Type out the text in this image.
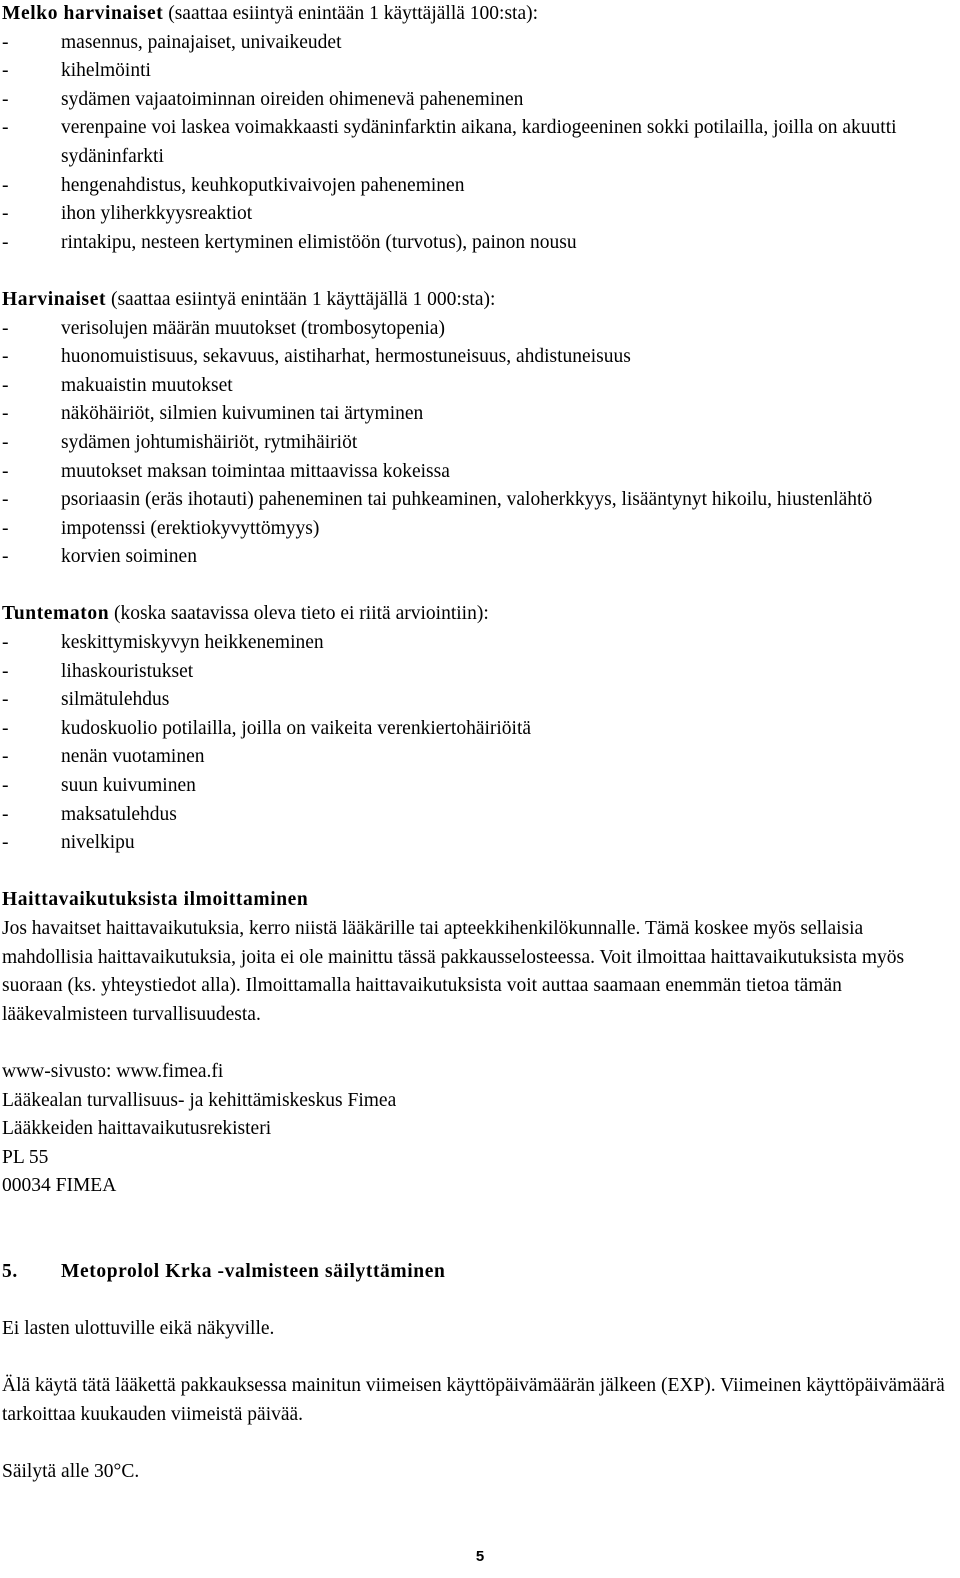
Melko harvinaiset (saattaa esiintyä enintään 1 käyttäjällä 100:sta):
-	masennus, painajaiset, univaikeudet
-	kihelmöinti
-	sydämen vajaatoiminnan oireiden ohimenevä paheneminen
-	verenpaine voi laskea voimakkaasti sydäninfarktin aikana, kardiogeeninen sokki potilailla, joilla on akuutti sydäninfarkti
-	hengenahdistus, keuhkoputkivaivojen paheneminen
-	ihon yliherkkyysreaktiot
-	rintakipu, nesteen kertyminen elimistöön (turvotus), painon nousu
Harvinaiset (saattaa esiintyä enintään 1 käyttäjällä 1 000:sta):
-	verisolujen määrän muutokset (trombosytopenia)
-	huonomuistisuus, sekavuus, aistiharhat, hermostuneisuus, ahdistuneisuus
-	makuaistin muutokset
-	näköhäiriöt, silmien kuivuminen tai ärtyminen
-	sydämen johtumishäiriöt, rytmihäiriöt
-	muutokset maksan toimintaa mittaavissa kokeissa
-	psoriaasin (eräs ihotauti) paheneminen tai puhkeaminen, valoherkkyys, lisääntynyt hikoilu, hiustenlähtö
-	impotenssi (erektiokyvyttömyys)
-	korvien soiminen
Tuntematon (koska saatavissa oleva tieto ei riitä arviointiin):
-	keskittymiskyvyn heikkeneminen
-	lihaskouristukset
-	silmätulehdus
-	kudoskuolio potilailla, joilla on vaikeita verenkiertohäiriöitä
-	nenän vuotaminen
-	suun kuivuminen
-	maksatulehdus
-	nivelkipu
Haittavaikutuksista ilmoittaminen
Jos havaitset haittavaikutuksia, kerro niistä lääkärille tai apteekkihenkilökunnalle. Tämä koskee myös sellaisia mahdollisia haittavaikutuksia, joita ei ole mainittu tässä pakkausselosteessa. Voit ilmoittaa haittavaikutuksista myös suoraan (ks. yhteystiedot alla). Ilmoittamalla haittavaikutuksista voit auttaa saamaan enemmän tietoa tämän lääkevalmisteen turvallisuudesta.
www-sivusto: www.fimea.fi
Lääkealan turvallisuus- ja kehittämiskeskus Fimea
Lääkkeiden haittavaikutusrekisteri
PL 55
00034 FIMEA
5.	Metoprolol Krka -valmisteen säilyttäminen
Ei lasten ulottuville eikä näkyville.
Älä käytä tätä lääkettä pakkauksessa mainitun viimeisen käyttöpäivämäärän jälkeen (EXP). Viimeinen käyttöpäivämäärä tarkoittaa kuukauden viimeistä päivää.
Säilytä alle 30°C.
5
